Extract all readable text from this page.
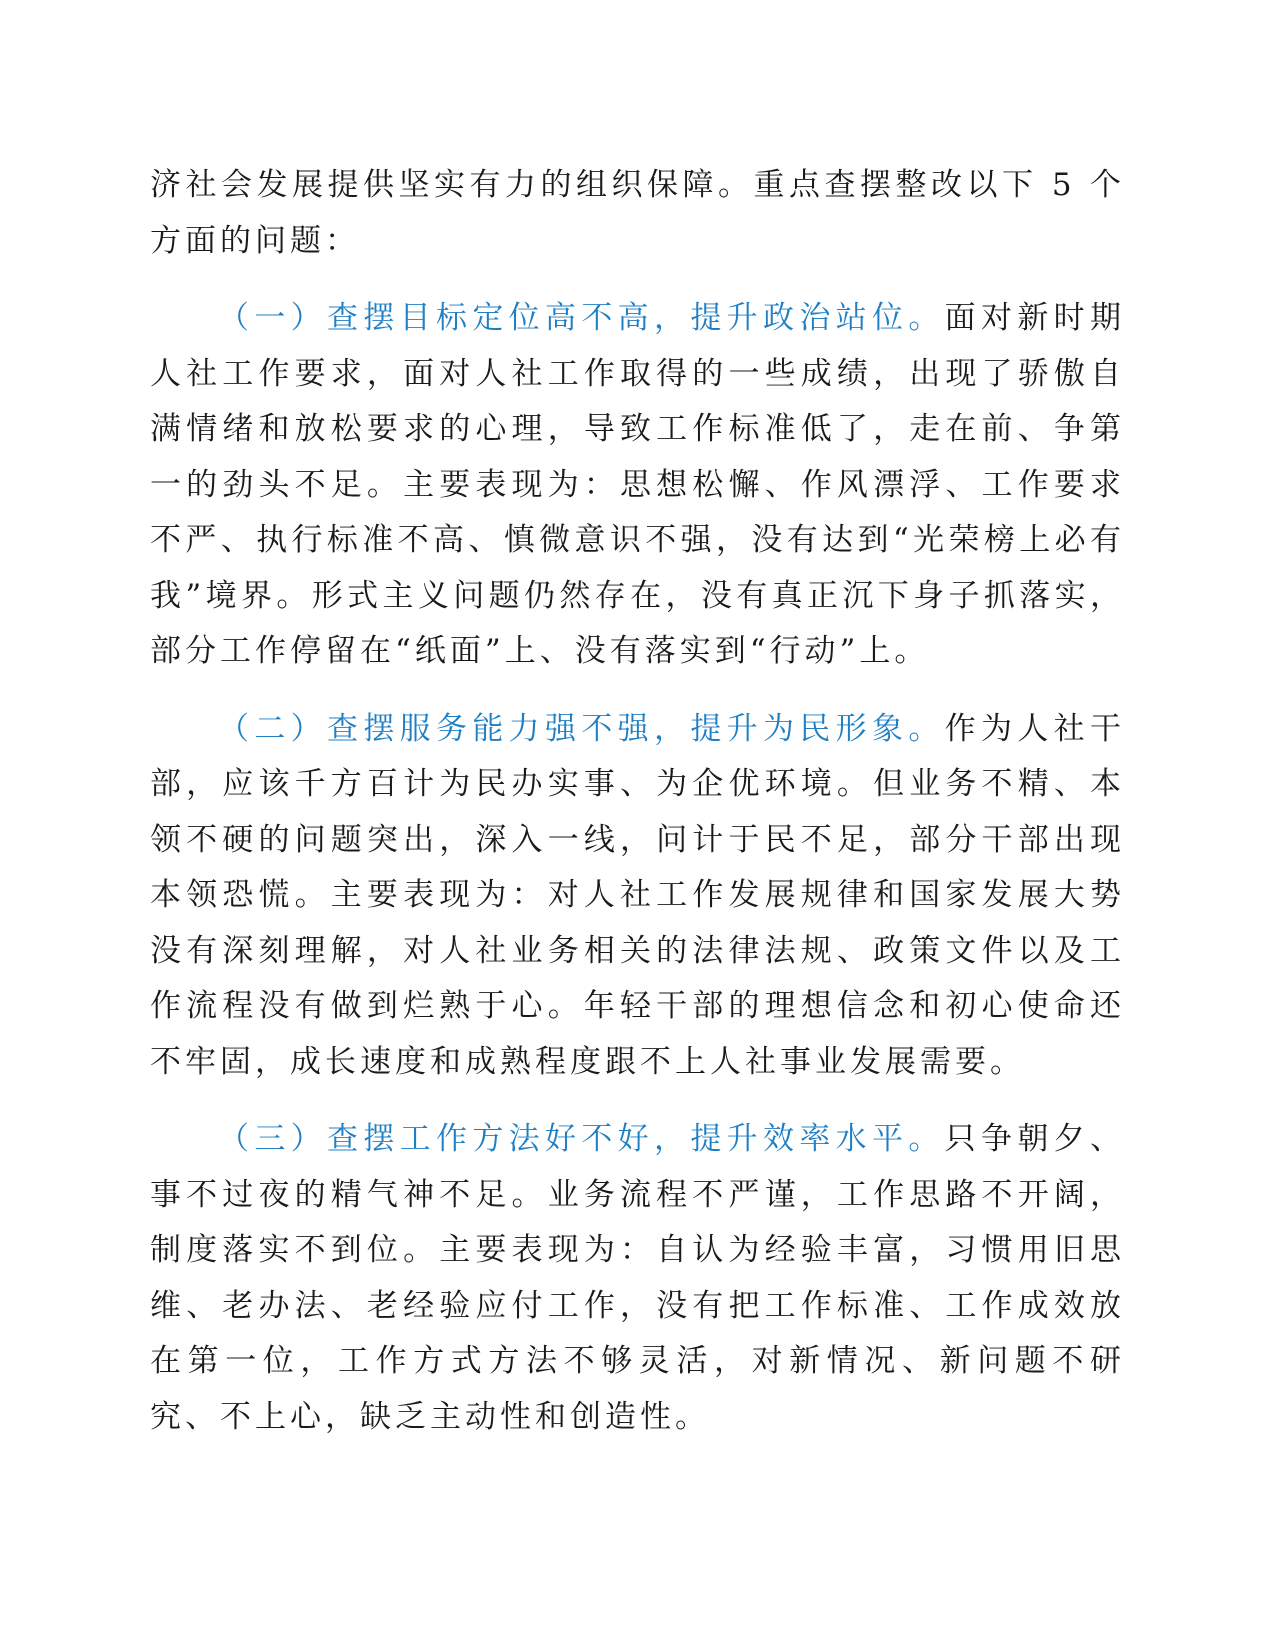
济社会发展提供坚实有力的组织保障。重点查摆整改以下 5 个方面的问题：

（一）查摆目标定位高不高，提升政治站位。面对新时期人社工作要求，面对人社工作取得的一些成绩，出现了骄傲自满情绪和放松要求的心理，导致工作标准低了，走在前、争第一的劲头不足。主要表现为：思想松懈、作风漂浮、工作要求不严、执行标准不高、慎微意识不强，没有达到“光荣榜上必有我”境界。形式主义问题仍然存在，没有真正沉下身子抓落实，部分工作停留在“纸面”上、没有落实到“行动”上。

（二）查摆服务能力强不强，提升为民形象。作为人社干部，应该千方百计为民办实事、为企优环境。但业务不精、本领不硬的问题突出，深入一线，问计于民不足，部分干部出现本领恐慌。主要表现为：对人社工作发展规律和国家发展大势没有深刻理解，对人社业务相关的法律法规、政策文件以及工作流程没有做到烂熟于心。年轻干部的理想信念和初心使命还不牢固，成长速度和成熟程度跟不上人社事业发展需要。

（三）查摆工作方法好不好，提升效率水平。只争朝夕、事不过夜的精气神不足。业务流程不严谨，工作思路不开阔，制度落实不到位。主要表现为：自认为经验丰富，习惯用旧思维、老办法、老经验应付工作，没有把工作标准、工作成效放在第一位，工作方式方法不够灵活，对新情况、新问题不研究、不上心，缺乏主动性和创造性。
